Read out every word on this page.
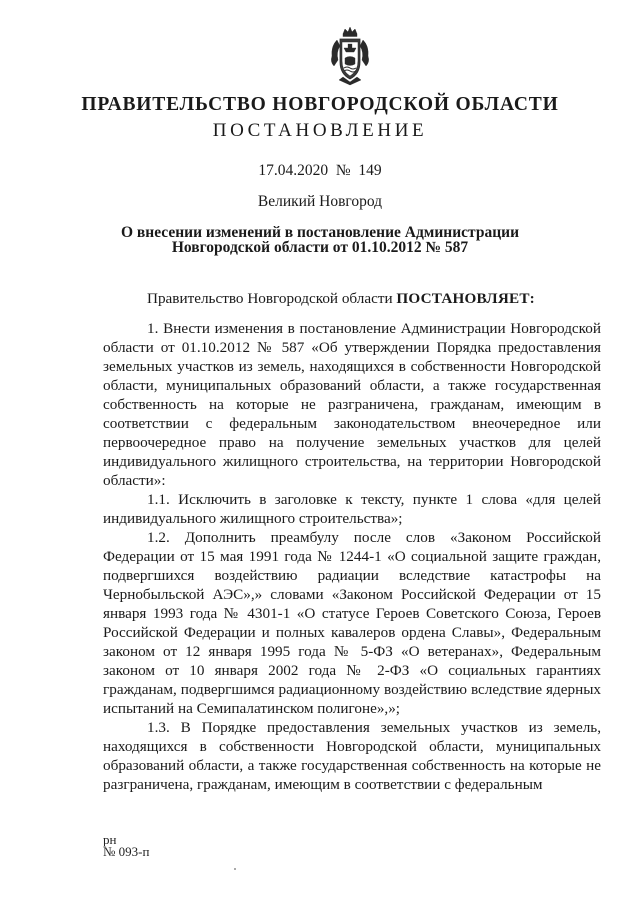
ПРАВИТЕЛЬСТВО НОВГОРОДСКОЙ ОБЛАСТИ
ПОСТАНОВЛЕНИЕ
17.04.2020 № 149
Великий Новгород
О внесении изменений в постановление Администрации
Новгородской области от 01.10.2012 № 587

Правительство Новгородской области ПОСТАНОВЛЯЕТ:

1. Внести изменения в постановление Администрации Новгородской области от 01.10.2012 № 587 «Об утверждении Порядка предоставления земельных участков из земель, находящихся в собственности Новгородской области, муниципальных образований области, а также государственная собственность на которые не разграничена, гражданам, имеющим в соответствии с федеральным законодательством внеочередное или первоочередное право на получение земельных участков для целей индивидуального жилищного строительства, на территории Новгородской области»:

1.1. Исключить в заголовке к тексту, пункте 1 слова «для целей индивидуального жилищного строительства»;

1.2. Дополнить преамбулу после слов «Законом Российской Федерации от 15 мая 1991 года № 1244-1 «О социальной защите граждан, подвергшихся воздействию радиации вследствие катастрофы на Чернобыльской АЭС»,» словами «Законом Российской Федерации от 15 января 1993 года № 4301-1 «О статусе Героев Советского Союза, Героев Российской Федерации и полных кавалеров ордена Славы», Федеральным законом от 12 января 1995 года № 5-ФЗ «О ветеранах», Федеральным законом от 10 января 2002 года № 2-ФЗ «О социальных гарантиях гражданам, подвергшимся радиационному воздействию вследствие ядерных испытаний на Семипалатинском полигоне»,»;

1.3. В Порядке предоставления земельных участков из земель, находящихся в собственности Новгородской области, муниципальных образований области, а также государственная собственность на которые не разграничена, гражданам, имеющим в соответствии с федеральным

рн
№ 093-п
